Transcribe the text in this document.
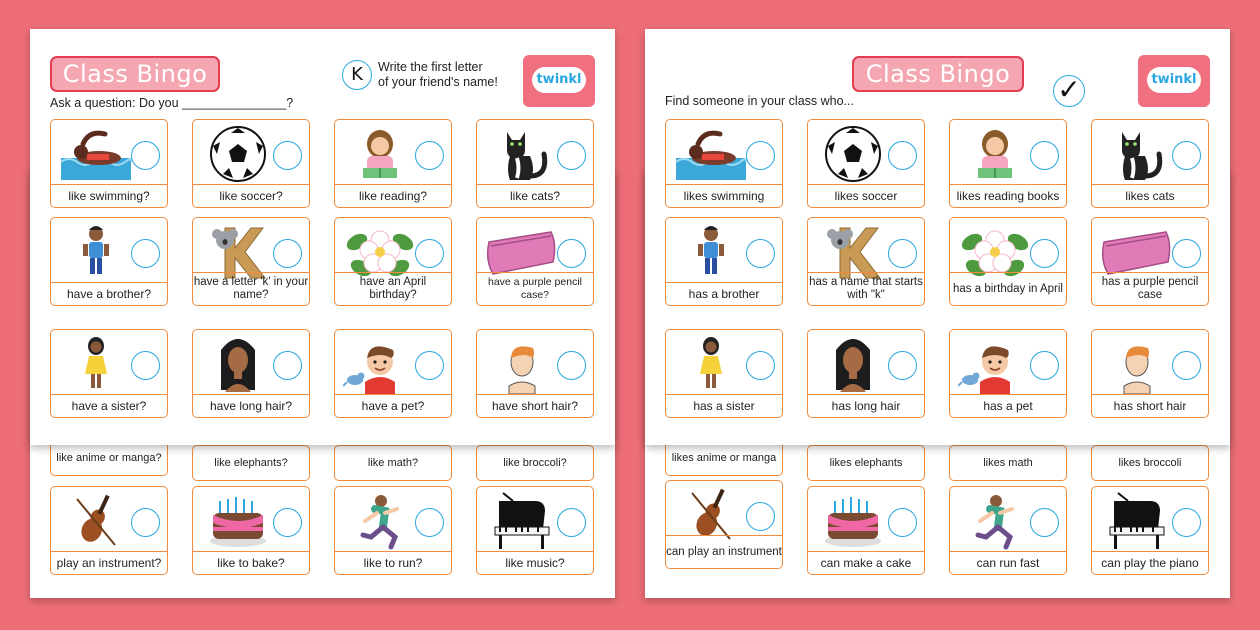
like anime or manga?	like elephants?	like math?	like broccoli?
play an instrument?	like to bake?	like to run?	like music?
likes anime or manga	likes elephants	likes math	likes broccoli
can play an instrument
can make a cake	can run fast	can play the piano
Class Bingo
Ask a question: Do you _______________?
K	Write the first letter
of your friend's name!	twinkl
like swimming?	like soccer?	like reading?	like cats?
have a brother?
have a letter 'k' in your name?
have an April birthday?
have a purple pencil case?
have a sister?	have long hair?	have a pet?	have short hair?
Class Bingo
Find someone in your class who...	✓	twinkl
likes swimming	likes soccer	likes reading books	likes cats
has a brother
has a name that starts with "k"
has a birthday in April
has a purple pencil case
has a sister	has long hair	has a pet	has short hair
